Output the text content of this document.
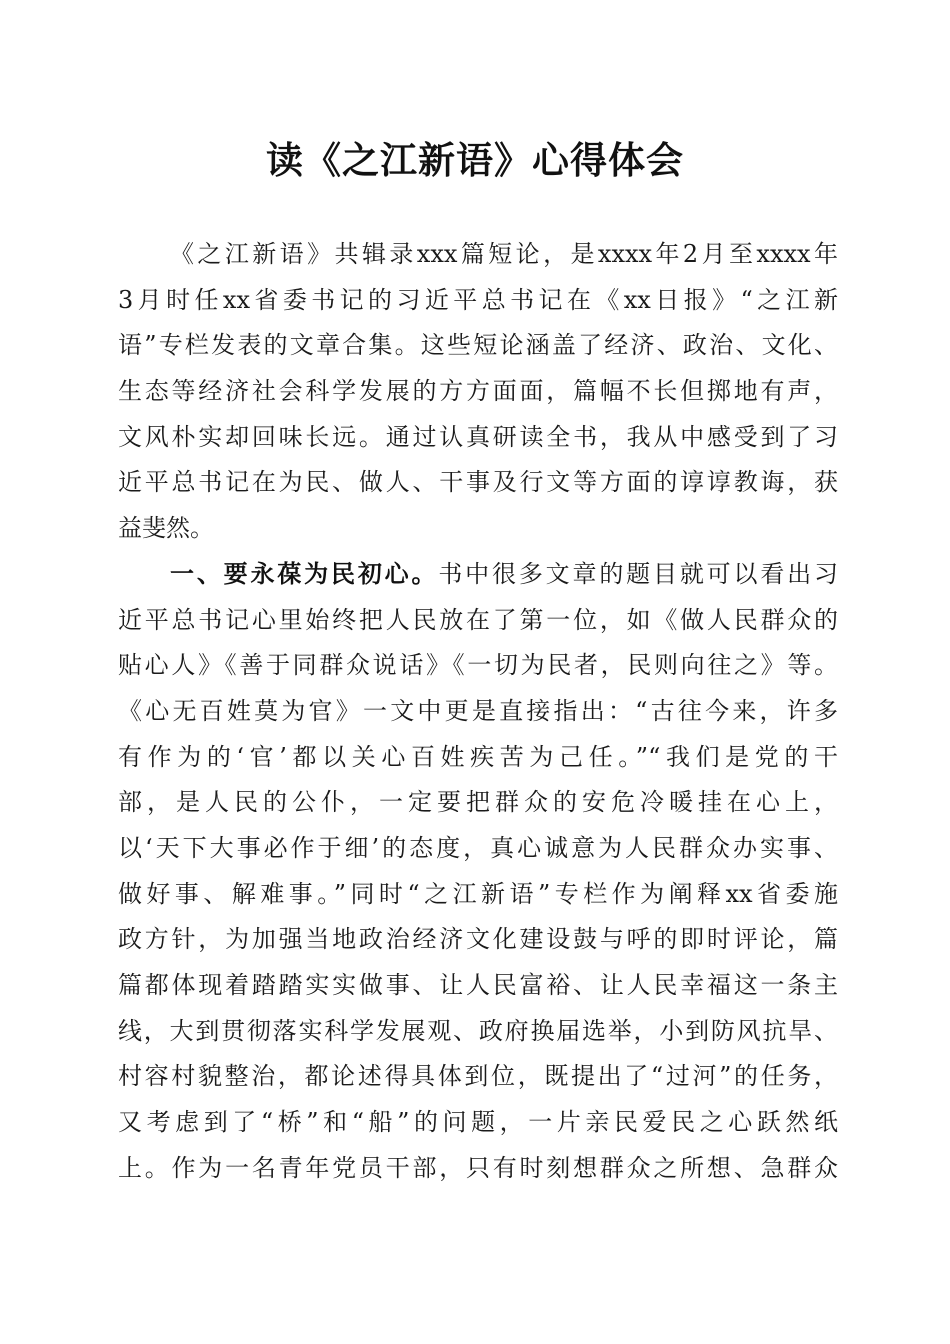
读《之江新语》心得体会
《之江新语》共辑录xxx篇短论，是xxxx年2月至xxxx年
3月时任xx省委书记的习近平总书记在《xx日报》“之江新
语”专栏发表的文章合集。这些短论涵盖了经济、政治、文化、
生态等经济社会科学发展的方方面面，篇幅不长但掷地有声，
文风朴实却回味长远。通过认真研读全书，我从中感受到了习
近平总书记在为民、做人、干事及行文等方面的谆谆教诲，获
益斐然。
一、要永葆为民初心。书中很多文章的题目就可以看出习
近平总书记心里始终把人民放在了第一位，如《做人民群众的
贴心人》《善于同群众说话》《一切为民者，民则向往之》等。
《心无百姓莫为官》一文中更是直接指出：“古往今来，许多
有作为的‘官’都以关心百姓疾苦为己任。”“我们是党的干
部，是人民的公仆，一定要把群众的安危冷暖挂在心上，
以‘天下大事必作于细’的态度，真心诚意为人民群众办实事、
做好事、解难事。”同时“之江新语”专栏作为阐释xx省委施
政方针，为加强当地政治经济文化建设鼓与呼的即时评论，篇
篇都体现着踏踏实实做事、让人民富裕、让人民幸福这一条主
线，大到贯彻落实科学发展观、政府换届选举，小到防风抗旱、
村容村貌整治，都论述得具体到位，既提出了“过河”的任务，
又考虑到了“桥”和“船”的问题，一片亲民爱民之心跃然纸
上。作为一名青年党员干部，只有时刻想群众之所想、急群众
